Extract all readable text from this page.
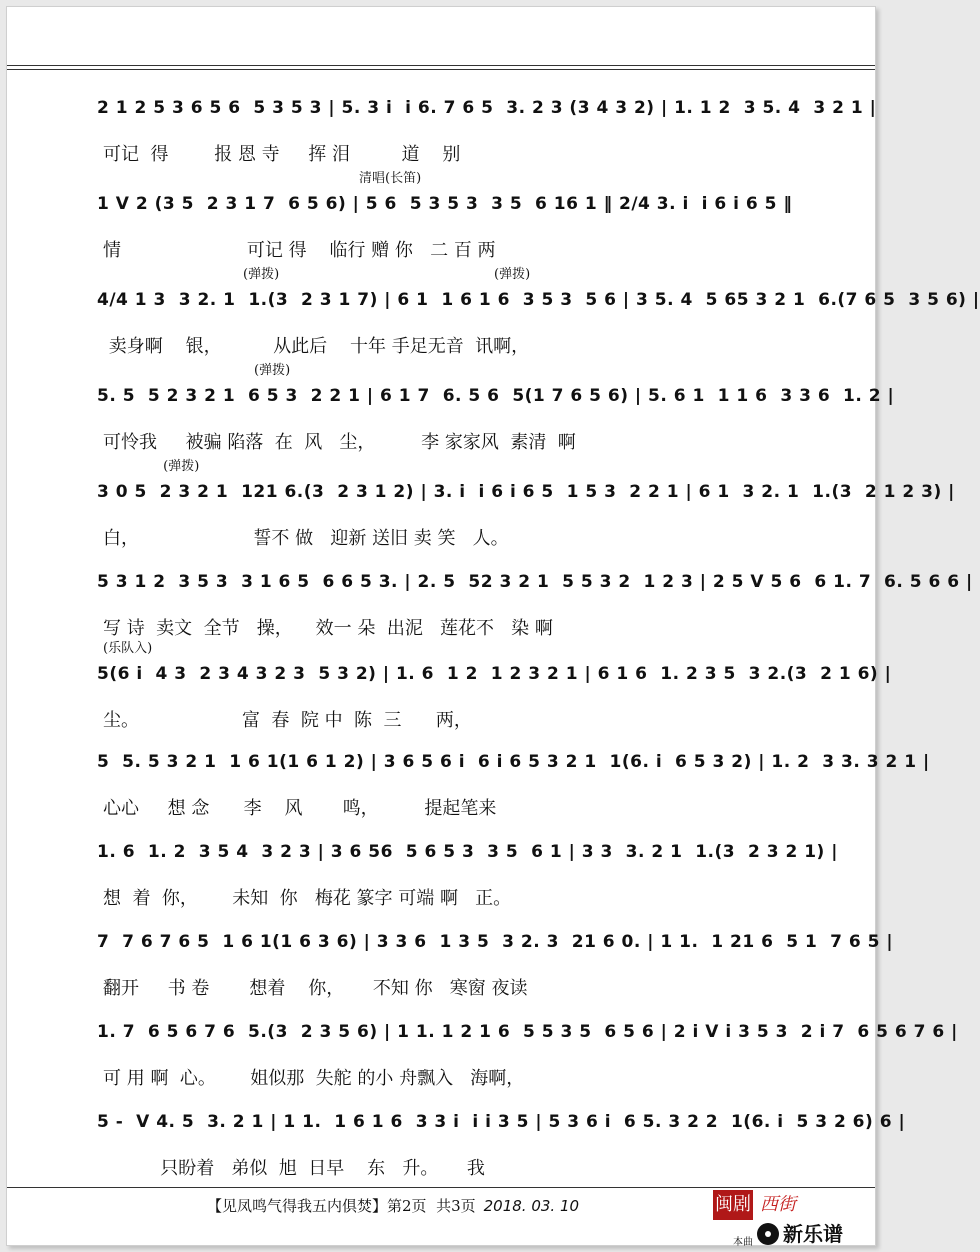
2 1 2 5 3 6 5 6  5 3 5 3 | 5. 3 i  i 6. 7 6 5  3. 2 3 (3 4 3 2) | 1. 1 2  3 5. 4  3 2 1 |
可记  得        报 恩 寺     挥 泪         道    别
清唱(长笛)
1 V 2 (3 5  2 3 1 7  6 5 6) | 5 6  5 3 5 3  3 5  6 16 1 ‖ 2/4 3. i  i 6 i 6 5 ‖
情                      可记 得    临行 赠 你   二 百 两
(弹拨)                                                    (弹拨)
4/4 1 3  3 2. 1  1.(3  2 3 1 7) | 6 1  1 6 1 6  3 5 3  5 6 | 3 5. 4  5 65 3 2 1  6.(7 6 5  3 5 6) |
卖身啊    银，         从此后    十年 手足无音  讯啊，
(弹拨)
5. 5  5 2 3 2 1  6 5 3  2 2 1 | 6 1 7  6. 5 6  5(1 7 6 5 6) | 5. 6 1  1 1 6  3 3 6  1. 2 |
可怜我     被骗 陷落  在  风   尘，        李 家家风  素清  啊
(弹拨)
3 0 5  2 3 2 1  121 6.(3  2 3 1 2) | 3. i  i 6 i 6 5  1 5 3  2 2 1 | 6 1  3 2. 1  1.(3  2 1 2 3) |
白，                    誓不 做   迎新 送旧 卖 笑   人。
5 3 1 2  3 5 3  3 1 6 5  6 6 5 3. | 2. 5  52 3 2 1  5 5 3 2  1 2 3 | 2 5 V 5 6  6 1. 7  6. 5 6 6 |
写 诗  卖文  全节   操，    效一 朵  出泥   莲花不   染 啊
(乐队入)
5(6 i  4 3  2 3 4 3 2 3  5 3 2) | 1. 6  1 2  1 2 3 2 1 | 6 1 6  1. 2 3 5  3 2.(3  2 1 6) |
尘。                  富  春  院 中  陈  三      两，
5  5. 5 3 2 1  1 6 1(1 6 1 2) | 3 6 5 6 i  6 i 6 5 3 2 1  1(6. i  6 5 3 2) | 1. 2  3 3. 3 2 1 |
心心     想 念      李    风       鸣，        提起笔来
1. 6  1. 2  3 5 4  3 2 3 | 3 6 56  5 6 5 3  3 5  6 1 | 3 3  3. 2 1  1.(3  2 3 2 1) |
想  着  你，      未知  你   梅花 篆字 可端 啊   正。
7  7 6 7 6 5  1 6 1(1 6 3 6) | 3 3 6  1 3 5  3 2. 3  21 6 0. | 1 1.  1 21 6  5 1  7 6 5 |
翻开     书 卷       想着    你，     不知 你   寒窗 夜读
1. 7  6 5 6 7 6  5.(3  2 3 5 6) | 1 1. 1 2 1 6  5 5 3 5  6 5 6 | 2 i V i 3 5 3  2 i 7  6 5 6 7 6 |
可 用 啊  心。      姐似那  失舵 的小 舟飘入   海啊，
5 -  V 4. 5  3. 2 1 | 1 1.  1 6 1 6  3 3 i  i i 3 5 | 5 3 6 i  6 5. 3 2 2  1(6. i  5 3 2 6) 6 |
只盼着   弟似  旭  日早    东   升。     我
【见凤鸣气得我五内俱焚】第2页  共3页 2018. 03. 10	闽剧 西街
本曲 新乐谱
